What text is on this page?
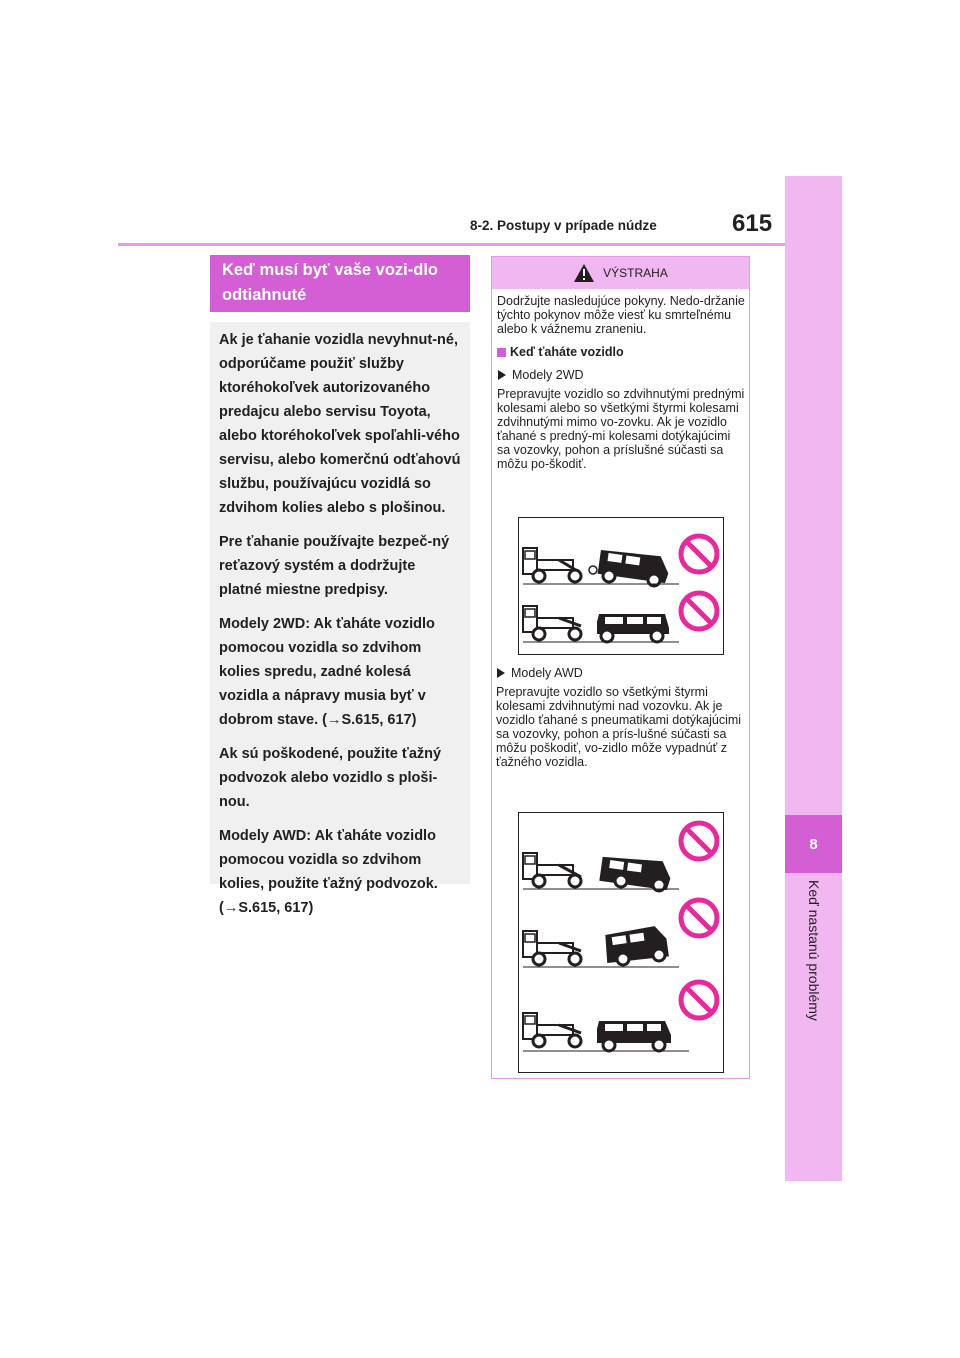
8-2. Postupy v prípade núdze	615
8
Keď nastanú problémy
Keď musí byť vaše vozi-dlo odtiahnuté

Ak je ťahanie vozidla nevyhnut-né, odporúčame použiť služby ktoréhokoľvek autorizovaného predajcu alebo servisu Toyota, alebo ktoréhokoľvek spoľahli-vého servisu, alebo komerčnú odťahovú službu, používajúcu vozidlá so zdvihom kolies alebo s plošinou.

Pre ťahanie používajte bezpeč-ný reťazový systém a dodržujte platné miestne predpisy.

Modely 2WD: Ak ťaháte vozidlo pomocou vozidla so zdvihom kolies spredu, zadné kolesá vozidla a nápravy musia byť v dobrom stave. (→S.615, 617)

Ak sú poškodené, použite ťažný podvozok alebo vozidlo s ploši-nou.

Modely AWD: Ak ťaháte vozidlo pomocou vozidla so zdvihom kolies, použite ťažný podvozok. (→S.615, 617)

VÝSTRAHA

Dodržujte nasledujúce pokyny. Nedo-držanie týchto pokynov môže viesť ku smrteľnému alebo k vážnemu zraneniu.

Keď ťaháte vozidlo

Modely 2WD

Prepravujte vozidlo so zdvihnutými prednými kolesami alebo so všetkými štyrmi kolesami zdvihnutými mimo vo-zovku. Ak je vozidlo ťahané s predný-mi kolesami dotýkajúcimi sa vozovky, pohon a príslušné súčasti sa môžu po-škodiť.

Modely AWD

Prepravujte vozidlo so všetkými štyrmi kolesami zdvihnutými nad vozovku. Ak je vozidlo ťahané s pneumatikami dotýkajúcimi sa vozovky, pohon a prís-lušné súčasti sa môžu poškodiť, vo-zidlo môže vypadnúť z ťažného vozidla.
